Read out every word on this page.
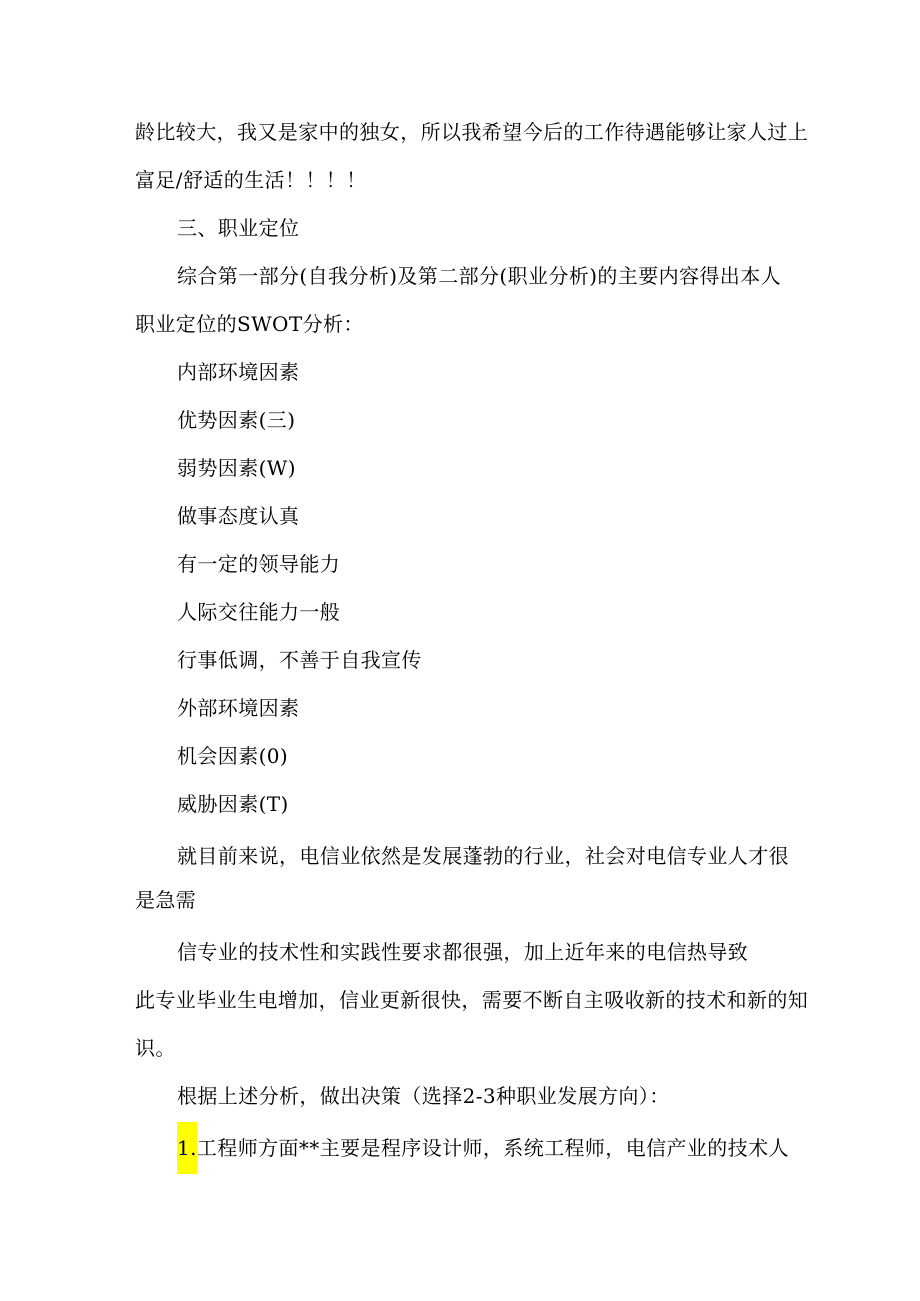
龄比较大，我又是家中的独女，所以我希望今后的工作待遇能够让家人过上
富足/舒适的生活！！！！
三、职业定位
综合第一部分(自我分析)及第二部分(职业分析)的主要内容得出本人
职业定位的SWOT分析：
内部环境因素
优势因素(三)
弱势因素(W)
做事态度认真
有一定的领导能力
人际交往能力一般
行事低调，不善于自我宣传
外部环境因素
机会因素(0)
威胁因素(T)
就目前来说，电信业依然是发展蓬勃的行业，社会对电信专业人才很
是急需
信专业的技术性和实践性要求都很强，加上近年来的电信热导致
此专业毕业生电增加，信业更新很快，需要不断自主吸收新的技术和新的知
识。
根据上述分析，做出决策（选择2-3种职业发展方向）：
1.工程师方面**主要是程序设计师，系统工程师，电信产业的技术人
